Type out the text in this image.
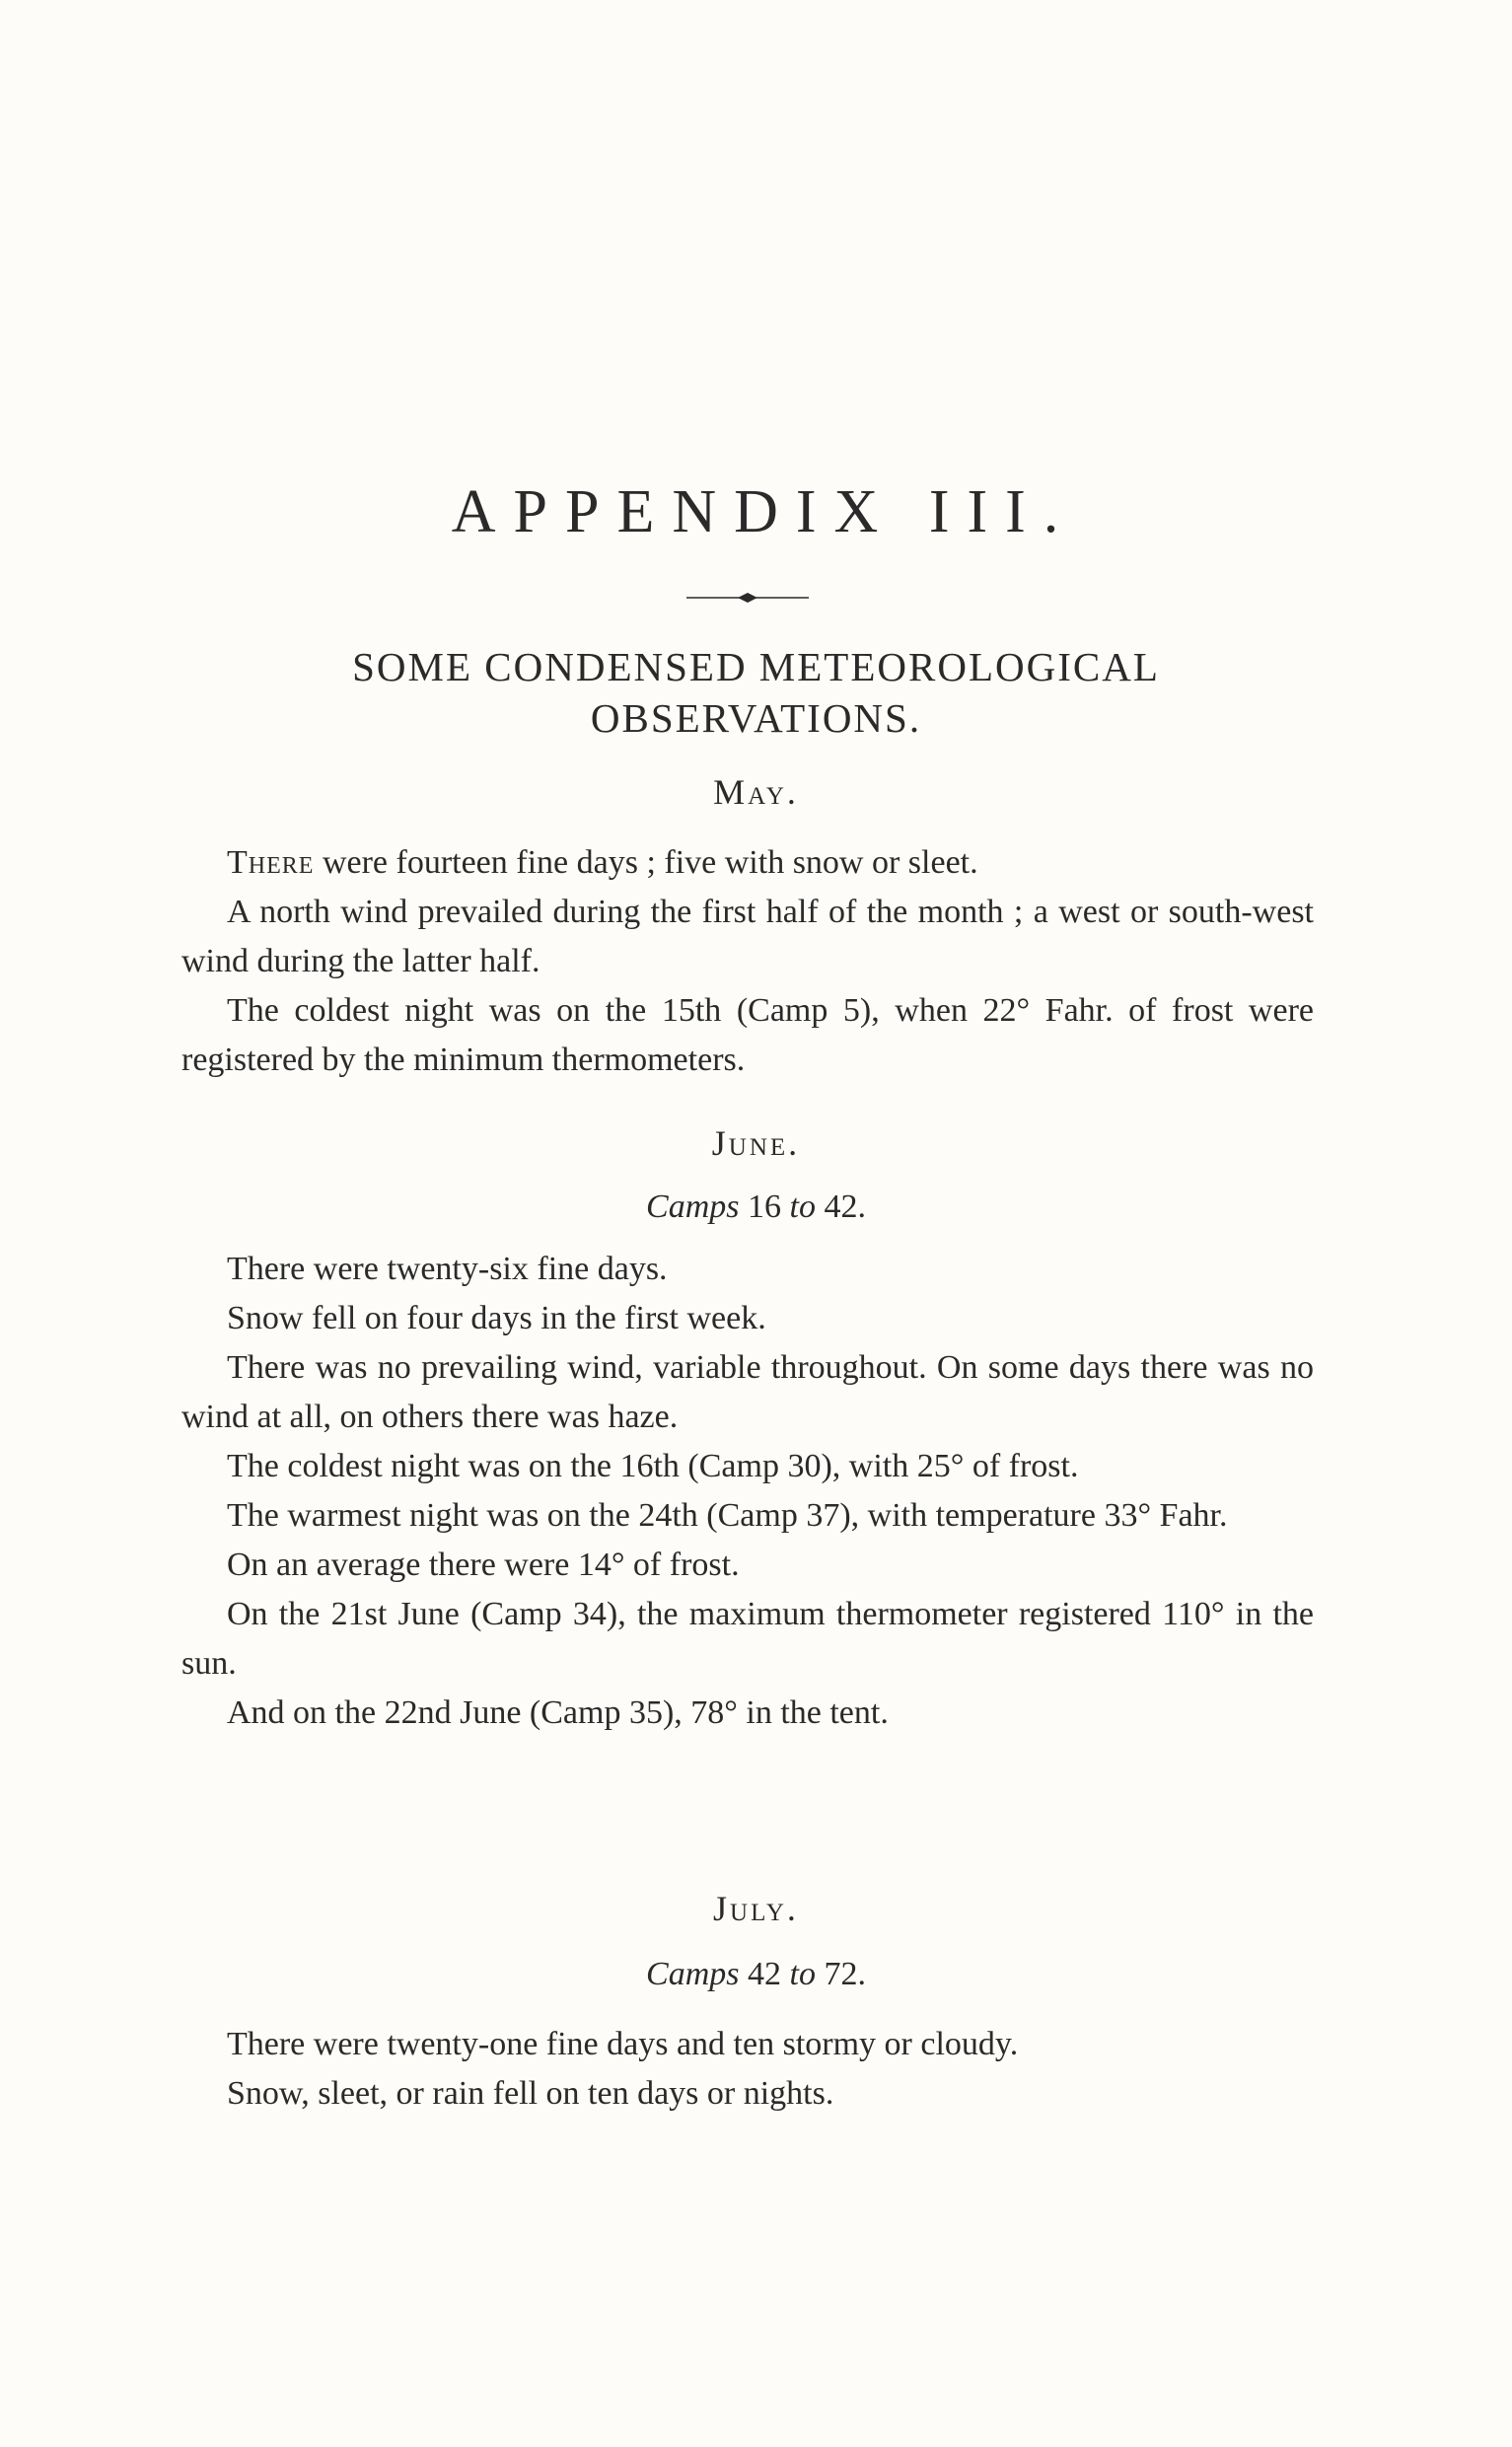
APPENDIX III.
SOME CONDENSED METEOROLOGICAL
OBSERVATIONS.
May.

There were fourteen fine days ; five with snow or sleet.

A north wind prevailed during the first half of the month ; a west or south-west wind during the latter half.

The coldest night was on the 15th (Camp 5), when 22° Fahr. of frost were registered by the minimum thermometers.

June.

Camps 16 to 42.

There were twenty-six fine days.

Snow fell on four days in the first week.

There was no prevailing wind, variable throughout. On some days there was no wind at all, on others there was haze.

The coldest night was on the 16th (Camp 30), with 25° of frost.

The warmest night was on the 24th (Camp 37), with temperature 33° Fahr.

On an average there were 14° of frost.

On the 21st June (Camp 34), the maximum thermometer registered 110° in the sun.

And on the 22nd June (Camp 35), 78° in the tent.

July.

Camps 42 to 72.

There were twenty-one fine days and ten stormy or cloudy.

Snow, sleet, or rain fell on ten days or nights.
